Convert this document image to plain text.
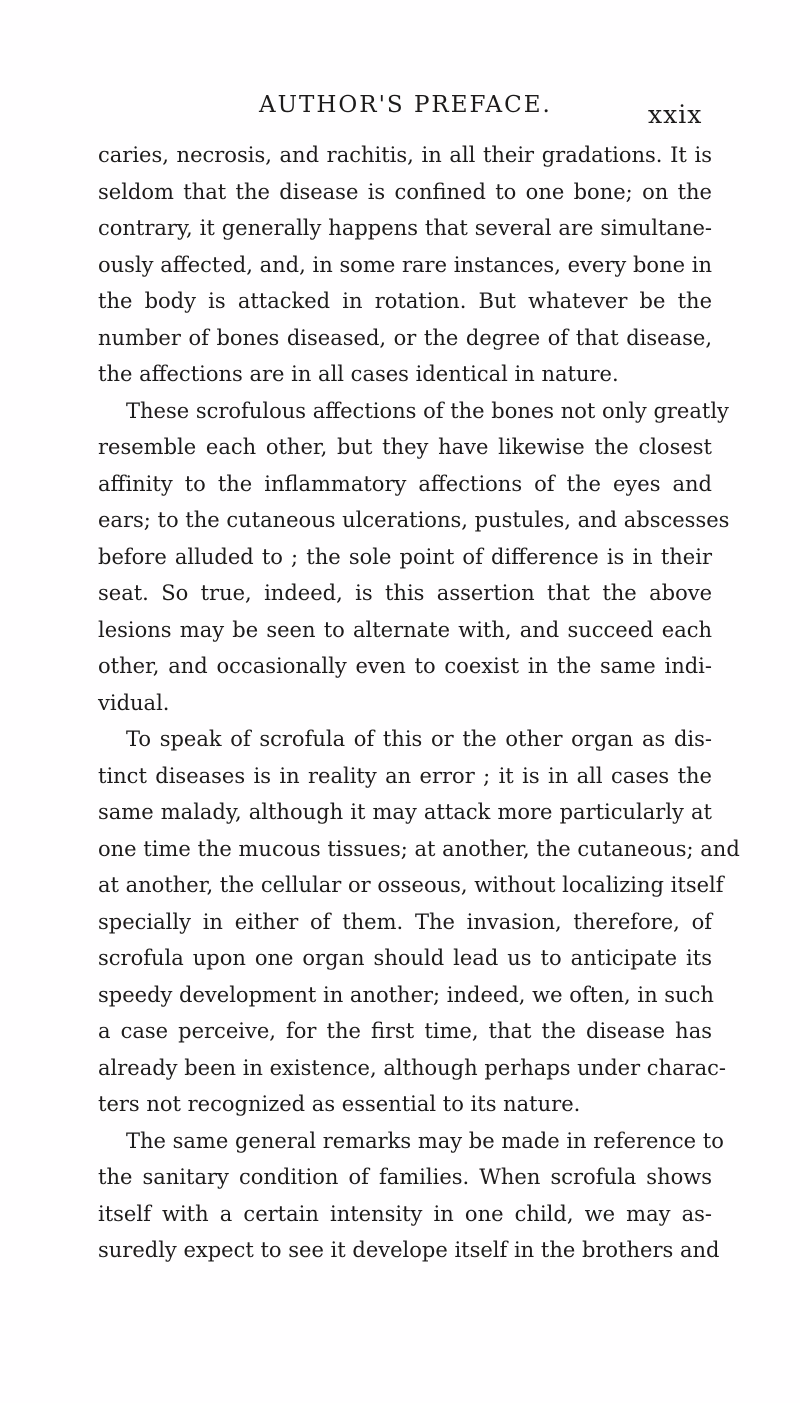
AUTHOR'S PREFACE.	xxix
caries, necrosis, and rachitis, in all their gradations. It is
seldom that the disease is confined to one bone; on the
contrary, it generally happens that several are simultane-
ously affected, and, in some rare instances, every bone in
the body is attacked in rotation. But whatever be the
number of bones diseased, or the degree of that disease,
the affections are in all cases identical in nature.
These scrofulous affections of the bones not only greatly
resemble each other, but they have likewise the closest
affinity to the inflammatory affections of the eyes and
ears; to the cutaneous ulcerations, pustules, and abscesses
before alluded to ; the sole point of difference is in their
seat. So true, indeed, is this assertion that the above
lesions may be seen to alternate with, and succeed each
other, and occasionally even to coexist in the same indi-
vidual.
To speak of scrofula of this or the other organ as dis-
tinct diseases is in reality an error ; it is in all cases the
same malady, although it may attack more particularly at
one time the mucous tissues; at another, the cutaneous; and
at another, the cellular or osseous, without localizing itself
specially in either of them. The invasion, therefore, of
scrofula upon one organ should lead us to anticipate its
speedy development in another; indeed, we often, in such
a case perceive, for the first time, that the disease has
already been in existence, although perhaps under charac-
ters not recognized as essential to its nature.
The same general remarks may be made in reference to
the sanitary condition of families. When scrofula shows
itself with a certain intensity in one child, we may as-
suredly expect to see it develope itself in the brothers and
